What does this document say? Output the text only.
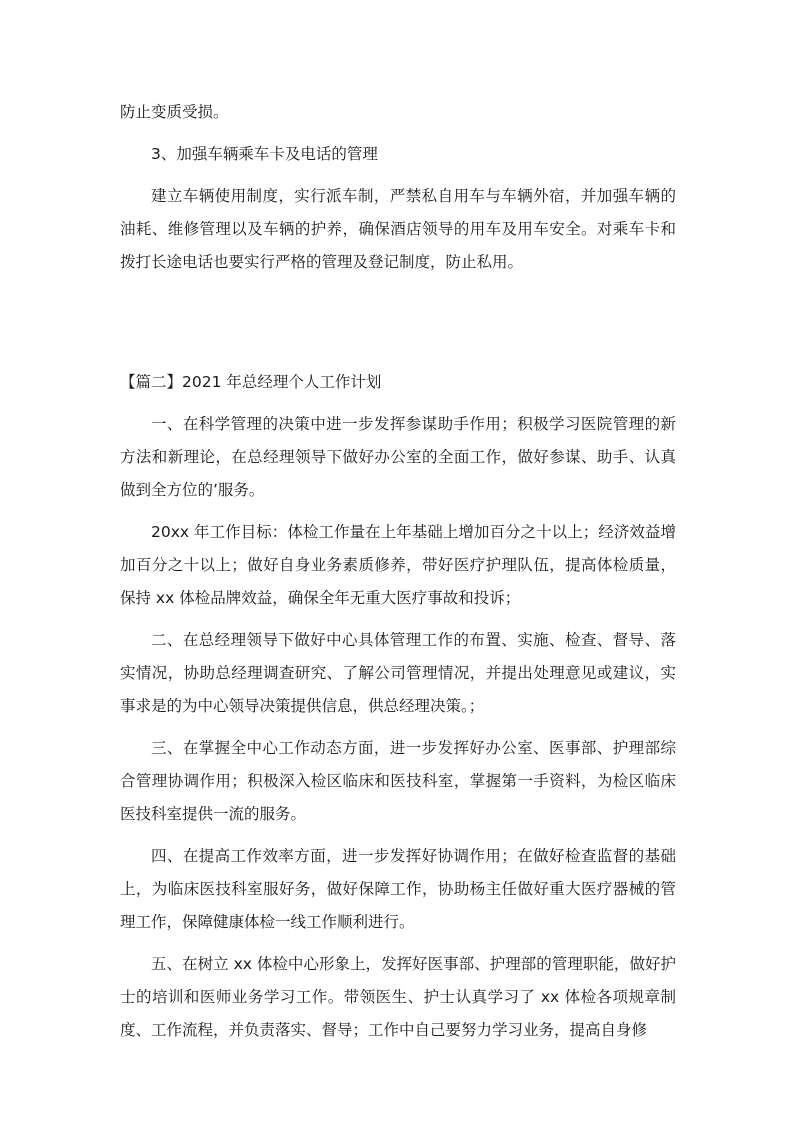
防止变质受损。

3、加强车辆乘车卡及电话的管理

建立车辆使用制度，实行派车制，严禁私自用车与车辆外宿，并加强车辆的油耗、维修管理以及车辆的护养，确保酒店领导的用车及用车安全。对乘车卡和拨打长途电话也要实行严格的管理及登记制度，防止私用。

【篇二】2021 年总经理个人工作计划

一、在科学管理的决策中进一步发挥参谋助手作用；积极学习医院管理的新方法和新理论，在总经理领导下做好办公室的全面工作，做好参谋、助手、认真做到全方位的’服务。

20xx 年工作目标：体检工作量在上年基础上增加百分之十以上；经济效益增加百分之十以上；做好自身业务素质修养，带好医疗护理队伍，提高体检质量，保持 xx 体检品牌效益，确保全年无重大医疗事故和投诉；

二、在总经理领导下做好中心具体管理工作的布置、实施、检查、督导、落实情况，协助总经理调查研究、了解公司管理情况，并提出处理意见或建议，实事求是的为中心领导决策提供信息，供总经理决策。；

三、在掌握全中心工作动态方面，进一步发挥好办公室、医事部、护理部综合管理协调作用；积极深入检区临床和医技科室，掌握第一手资料，为检区临床医技科室提供一流的服务。

四、在提高工作效率方面，进一步发挥好协调作用；在做好检查监督的基础上，为临床医技科室服好务，做好保障工作，协助杨主任做好重大医疗器械的管理工作，保障健康体检一线工作顺利进行。

五、在树立 xx 体检中心形象上，发挥好医事部、护理部的管理职能，做好护士的培训和医师业务学习工作。带领医生、护士认真学习了 xx 体检各项规章制度、工作流程，并负责落实、督导；工作中自己要努力学习业务，提高自身修
